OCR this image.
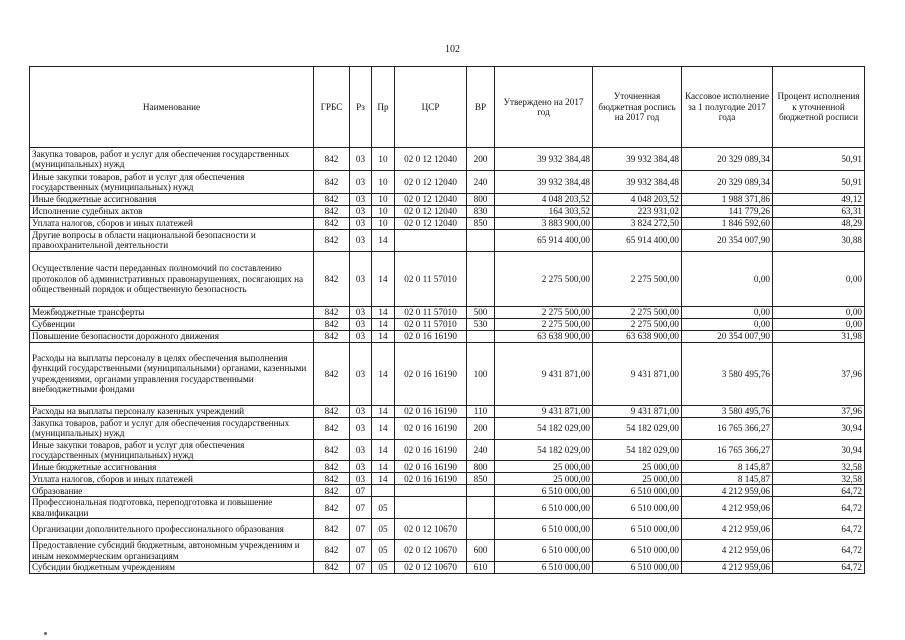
102
Наименование	ГРБС	Рз	Пр	ЦСР	ВР	Утверждено на 2017 год	Уточненная бюджетная роспись на 2017 год	Кассовое исполнение за 1 полугодие 2017 года	Процент исполнения к уточненной бюджетной росписи
Закупка товаров, работ и услуг для обеспечения государственных (муниципальных) нужд	842	03	10	02 0 12 12040	200	39 932 384,48	39 932 384,48	20 329 089,34	50,91
Иные закупки товаров, работ и услуг для обеспечения государственных (муниципальных) нужд	842	03	10	02 0 12 12040	240	39 932 384,48	39 932 384,48	20 329 089,34	50,91
Иные бюджетные ассигнования	842	03	10	02 0 12 12040	800	4 048 203,52	4 048 203,52	1 988 371,86	49,12
Исполнение судебных актов	842	03	10	02 0 12 12040	830	164 303,52	223 931,02	141 779,26	63,31
Уплата налогов, сборов и иных платежей	842	03	10	02 0 12 12040	850	3 883 900,00	3 824 272,50	1 846 592,60	48,29
Другие вопросы в области национальной безопасности и правоохранительной деятельности	842	03	14			65 914 400,00	65 914 400,00	20 354 007,90	30,88
Осуществление части переданных полномочий по составлению протоколов об административных правонарушениях, посягающих на общественный порядок и общественную безопасность	842	03	14	02 0 11 57010		2 275 500,00	2 275 500,00	0,00	0,00
Межбюджетные трансферты	842	03	14	02 0 11 57010	500	2 275 500,00	2 275 500,00	0,00	0,00
Субвенции	842	03	14	02 0 11 57010	530	2 275 500,00	2 275 500,00	0,00	0,00
Повышение безопасности дорожного движения	842	03	14	02 0 16 16190		63 638 900,00	63 638 900,00	20 354 007,90	31,98
Расходы на выплаты персоналу в целях обеспечения выполнения функций государственными (муниципальными) органами, казенными учреждениями, органами управления государственными внебюджетными фондами	842	03	14	02 0 16 16190	100	9 431 871,00	9 431 871,00	3 580 495,76	37,96
Расходы на выплаты персоналу казенных учреждений	842	03	14	02 0 16 16190	110	9 431 871,00	9 431 871,00	3 580 495,76	37,96
Закупка товаров, работ и услуг для обеспечения государственных (муниципальных) нужд	842	03	14	02 0 16 16190	200	54 182 029,00	54 182 029,00	16 765 366,27	30,94
Иные закупки товаров, работ и услуг для обеспечения государственных (муниципальных) нужд	842	03	14	02 0 16 16190	240	54 182 029,00	54 182 029,00	16 765 366,27	30,94
Иные бюджетные ассигнования	842	03	14	02 0 16 16190	800	25 000,00	25 000,00	8 145,87	32,58
Уплата налогов, сборов и иных платежей	842	03	14	02 0 16 16190	850	25 000,00	25 000,00	8 145,87	32,58
Образование	842	07				6 510 000,00	6 510 000,00	4 212 959,06	64,72
Профессиональная подготовка, переподготовка и повышение квалификации	842	07	05			6 510 000,00	6 510 000,00	4 212 959,06	64,72
Организации дополнительного профессионального образования	842	07	05	02 0 12 10670		6 510 000,00	6 510 000,00	4 212 959,06	64,72
Предоставление субсидий бюджетным, автономным учреждениям и иным некоммерческим организациям	842	07	05	02 0 12 10670	600	6 510 000,00	6 510 000,00	4 212 959,06	64,72
Субсидии бюджетным учреждениям	842	07	05	02 0 12 10670	610	6 510 000,00	6 510 000,00	4 212 959,06	64,72
